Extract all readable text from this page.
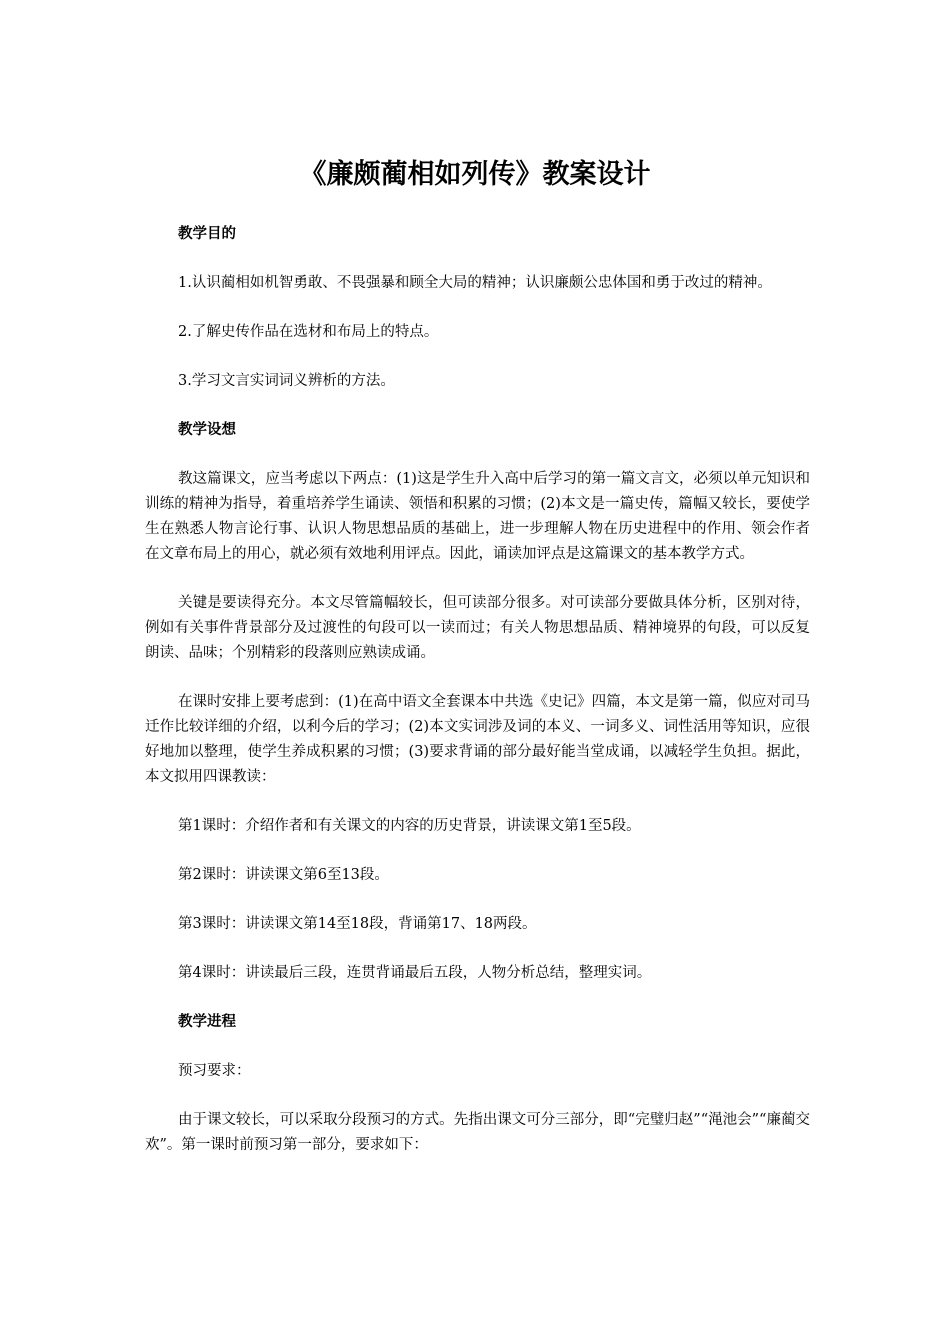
《廉颇蔺相如列传》教案设计
教学目的

1.认识蔺相如机智勇敢、不畏强暴和顾全大局的精神；认识廉颇公忠体国和勇于改过的精神。

2.了解史传作品在选材和布局上的特点。

3.学习文言实词词义辨析的方法。

教学设想

教这篇课文，应当考虑以下两点：(1)这是学生升入高中后学习的第一篇文言文，必须以单元知识和训练的精神为指导，着重培养学生诵读、领悟和积累的习惯；(2)本文是一篇史传，篇幅又较长，要使学生在熟悉人物言论行事、认识人物思想品质的基础上，进一步理解人物在历史进程中的作用、领会作者在文章布局上的用心，就必须有效地利用评点。因此，诵读加评点是这篇课文的基本教学方式。

关键是要读得充分。本文尽管篇幅较长，但可读部分很多。对可读部分要做具体分析，区别对待，例如有关事件背景部分及过渡性的句段可以一读而过；有关人物思想品质、精神境界的句段，可以反复朗读、品味；个别精彩的段落则应熟读成诵。

在课时安排上要考虑到：(1)在高中语文全套课本中共选《史记》四篇，本文是第一篇，似应对司马迁作比较详细的介绍，以利今后的学习；(2)本文实词涉及词的本义、一词多义、词性活用等知识，应很好地加以整理，使学生养成积累的习惯；(3)要求背诵的部分最好能当堂成诵，以减轻学生负担。据此，本文拟用四课教读：

第1课时：介绍作者和有关课文的内容的历史背景，讲读课文第1至5段。

第2课时：讲读课文第6至13段。

第3课时：讲读课文第14至18段，背诵第17、18两段。

第4课时：讲读最后三段，连贯背诵最后五段，人物分析总结，整理实词。

教学进程

预习要求：

由于课文较长，可以采取分段预习的方式。先指出课文可分三部分，即“完璧归赵”“渑池会”“廉蔺交欢”。第一课时前预习第一部分，要求如下：
